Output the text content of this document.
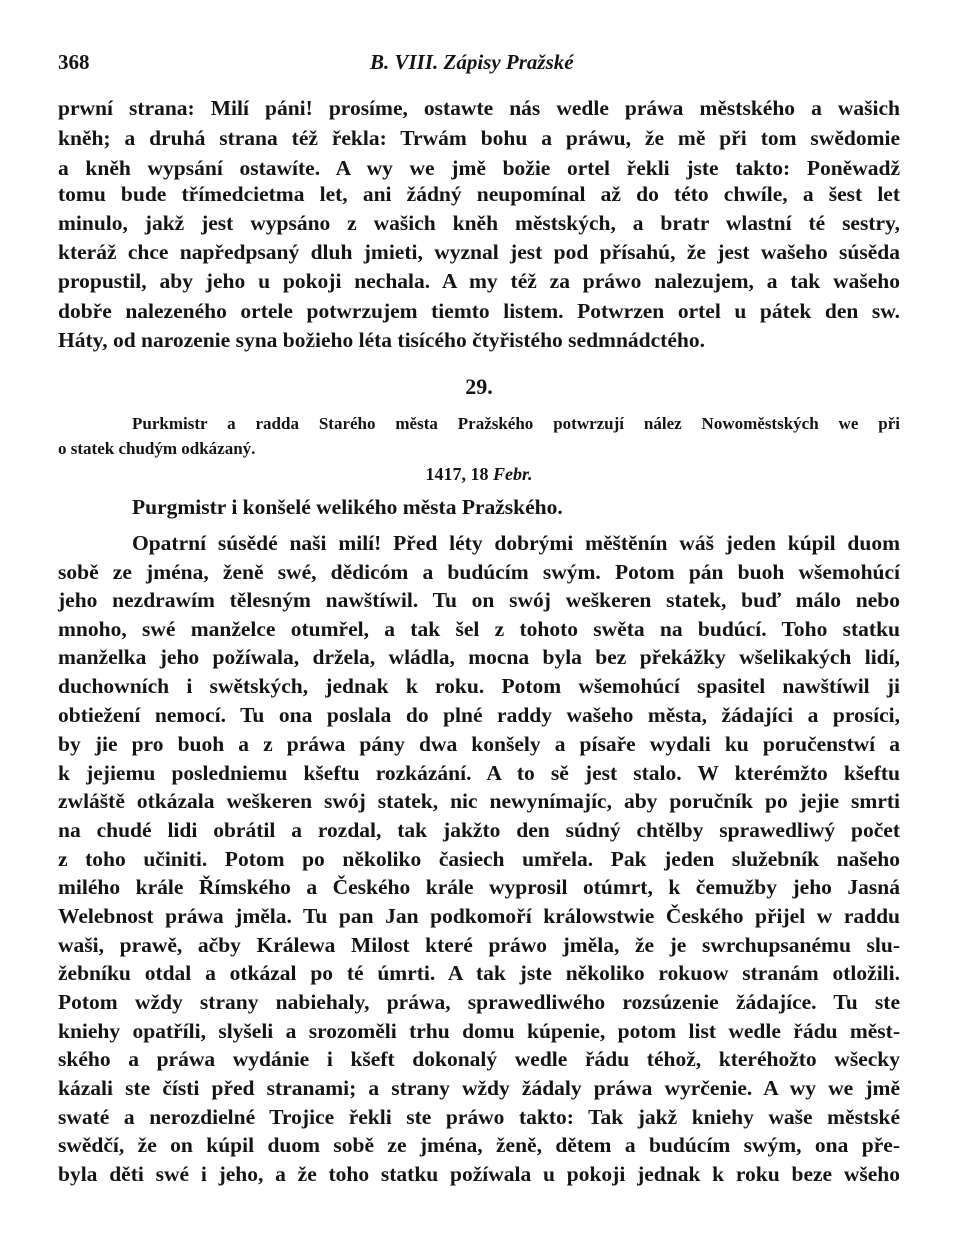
368	B. VIII. Zápisy Pražské
prwní strana: Milí páni! prosíme, ostawte nás wedle práwa městského a wašich
kněh; a druhá strana též řekla: Trwám bohu a práwu, že mě při tom swědomie
a kněh wypsání ostawíte. A wy we jmě božie ortel řekli jste takto: Poněwadž
tomu bude třímedcietma let, ani žádný neupomínal až do této chwíle, a šest let
minulo, jakž jest wypsáno z wašich kněh městských, a bratr wlastní té sestry,
kteráž chce napředpsaný dluh jmieti, wyznal jest pod přísahú, že jest wašeho súsěda
propustil, aby jeho u pokoji nechala. A my též za práwo nalezujem, a tak wašeho
dobře nalezeného ortele potwrzujem tiemto listem. Potwrzen ortel u pátek den sw.
Háty, od narozenie syna božieho léta tisícého čtyřistého sedmnádctého.
29.
Purkmistr a radda Starého města Pražského potwrzují nález Nowoměstských we při
o statek chudým odkázaný.
1417, 18 Febr.
Purgmistr i konšelé welikého města Pražského.
Opatrní súsědé naši milí! Před léty dobrými měštěnín wáš jeden kúpil duom
sobě ze jména, ženě swé, dědicóm a budúcím swým. Potom pán buoh wšemohúcí
jeho nezdrawím tělesným nawštíwil. Tu on swój weškeren statek, buď málo nebo
mnoho, swé manželce otumřel, a tak šel z tohoto swěta na budúcí. Toho statku
manželka jeho požíwala, držela, wládla, mocna byla bez překážky wšelikakých lidí,
duchowních i swětských, jednak k roku. Potom wšemohúcí spasitel nawštíwil ji
obtiežení nemocí. Tu ona poslala do plné raddy wašeho města, žádajíci a prosíci,
by jie pro buoh a z práwa pány dwa konšely a písaře wydali ku poručenstwí a
k jejiemu posledniemu kšeftu rozkázání. A to sě jest stalo. W kterémžto kšeftu
zwláště otkázala weškeren swój statek, nic newynímajíc, aby poručník po jejie smrti
na chudé lidi obrátil a rozdal, tak jakžto den súdný chtělby sprawedliwý počet
z toho učiniti. Potom po několiko časiech umřela. Pak jeden služebník našeho
milého krále Římského a Českého krále wyprosil otúmrt, k čemužby jeho Jasná
Welebnost práwa jměla. Tu pan Jan podkomoří králowstwie Českého přijel w raddu
waši, prawě, ačby Králewa Milost které práwo jměla, že je swrchupsanému slu-
žebníku otdal a otkázal po té úmrti. A tak jste několiko rokuow stranám otložili.
Potom wždy strany nabiehaly, práwa, sprawedliwého rozsúzenie žádajíce. Tu ste
kniehy opatříli, slyšeli a srozoměli trhu domu kúpenie, potom list wedle řádu měst-
ského a práwa wydánie i kšeft dokonalý wedle řádu téhož, kteréhožto wšecky
kázali ste čísti před stranami; a strany wždy žádaly práwa wyrčenie. A wy we jmě
swaté a nerozdielné Trojice řekli ste práwo takto: Tak jakž kniehy waše městské
swědčí, že on kúpil duom sobě ze jména, ženě, dětem a budúcím swým, ona pře-
byla děti swé i jeho, a že toho statku požíwala u pokoji jednak k roku beze wšeho
